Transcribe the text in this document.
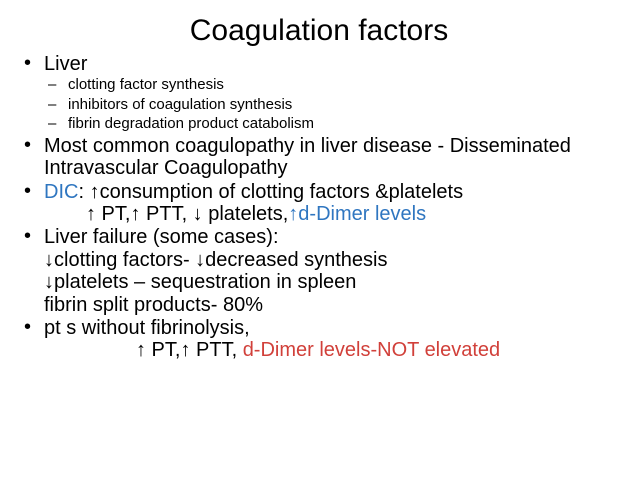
Coagulation factors
• Liver
– clotting factor synthesis
– inhibitors of coagulation synthesis
– fibrin degradation product catabolism
• Most common coagulopathy in liver disease - Disseminated Intravascular Coagulopathy
• DIC: ↑consumption of clotting factors &platelets
↑ PT,↑ PTT, ↓ platelets,↑d-Dimer levels
• Liver failure (some cases):
↓clotting factors- ↓decreased synthesis
↓platelets – sequestration in spleen
fibrin split products- 80%
• pt s without fibrinolysis,
↑ PT,↑ PTT, d-Dimer levels-NOT elevated
